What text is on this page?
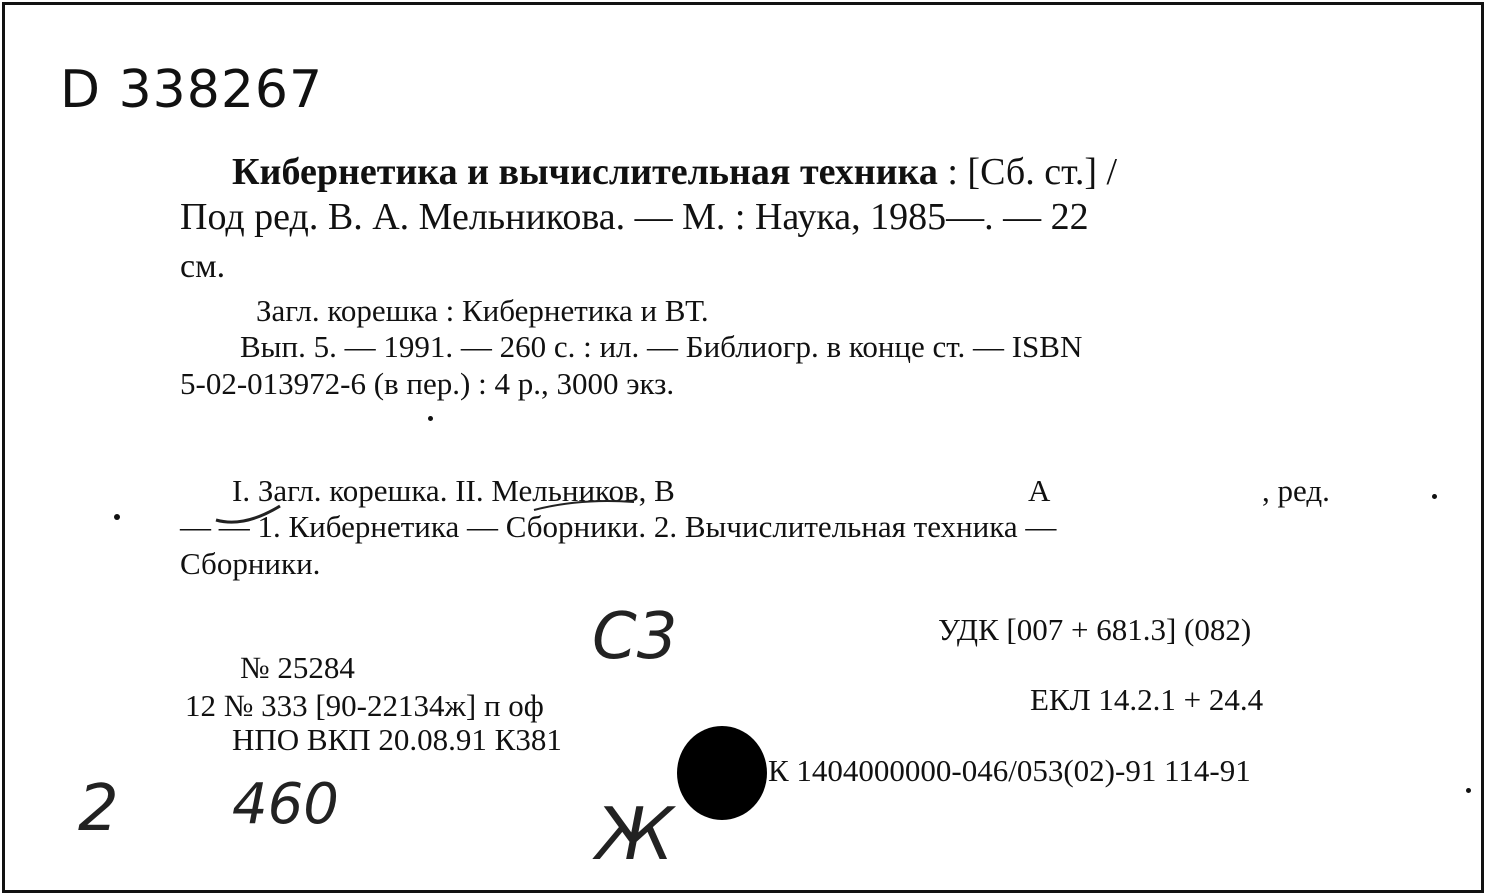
D 338267
Кибернетика и вычислительная техника : [Сб. ст.] /
Под ред. В. А. Мельникова. — М. : Наука, 1985—. — 22
см.
Загл. корешка : Кибернетика и ВТ.
Вып. 5. — 1991. — 260 с. : ил. — Библиогр. в конце ст. — ISBN
5-02-013972-6 (в пер.) : 4 р., 3000 экз.
I. Загл. корешка. II. Мельников, В	А	, ред.
— — 1. Кибернетика — Сборники. 2. Вычислительная техника —
Сборники.
УДК [007 + 681.3] (082)
ЕКЛ 14.2.1 + 24.4
К 1404000000-046/053(02)-91 114-91
№ 25284
12 № 333 [90-22134ж] п оф
НПО ВКП 20.08.91 К381
С3
2 460	Ж
